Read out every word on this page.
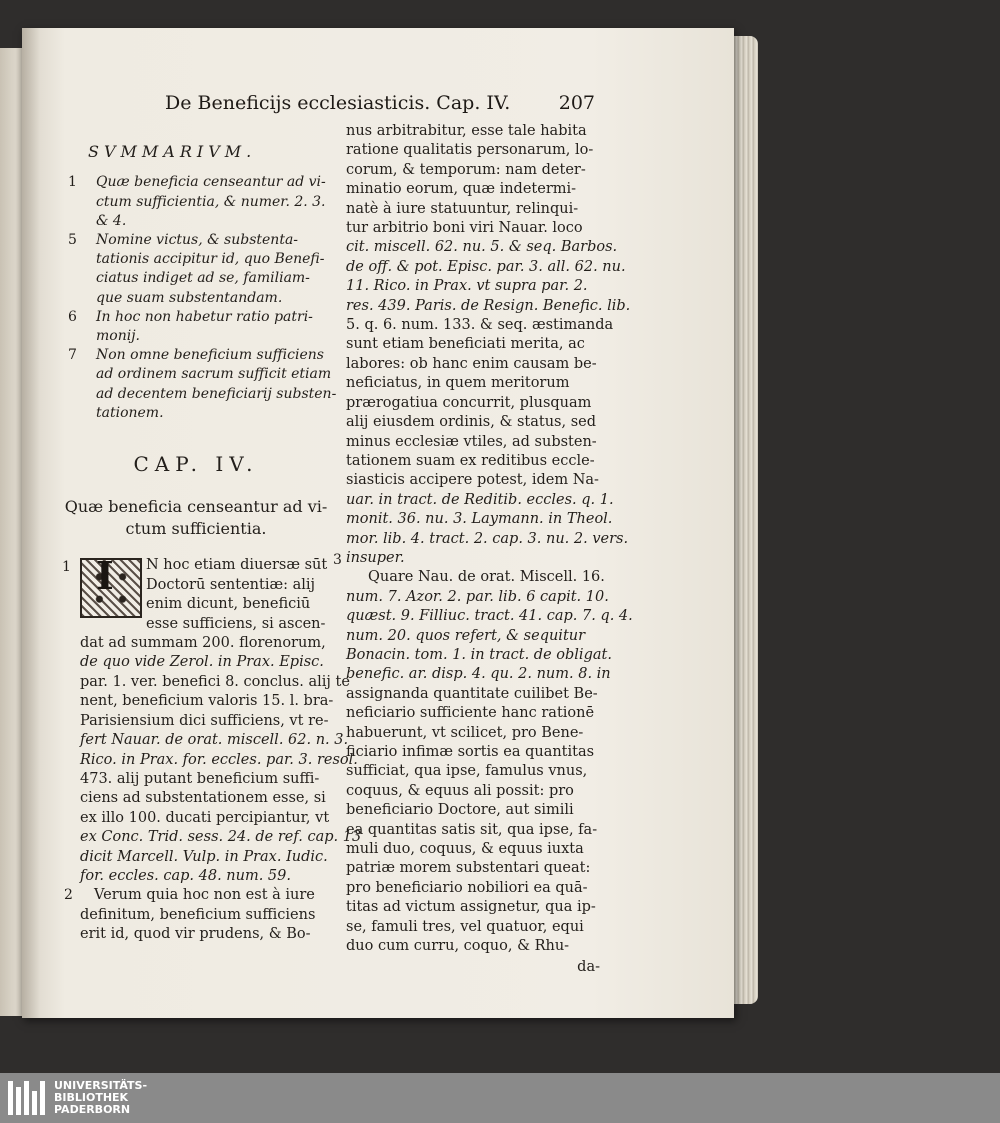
De Beneficijs ecclesiasticis. Cap. IV.	207
SVMMARIVM.
1 Quæ beneficia censeantur ad vi-
ctum sufficientia, & numer. 2. 3.
& 4.
5 Nomine victus, & substenta-
tationis accipitur id, quo Benefi-
ciatus indiget ad se, familiam-
que suam substentandam.
6 In hoc non habetur ratio patri-
monij.
7 Non omne beneficium sufficiens
ad ordinem sacrum sufficit etiam
ad decentem beneficiarij substen-
tationem.
CAP. IV.
Quæ beneficia censeantur ad vi-
ctum sufficientia.
1 I N hoc etiam diuersæ sūt
Doctorū sententiæ: alij
enim dicunt, beneficiū
esse sufficiens, si ascen-
dat ad summam 200. florenorum,
de quo vide Zerol. in Prax. Episc.
par. 1. ver. benefici 8. conclus. alij te
nent, beneficium valoris 15. l. bra-
Parisiensium dici sufficiens, vt re-
fert Nauar. de orat. miscell. 62. n. 3.
Rico. in Prax. for. eccles. par. 3. resol.
473. alij putant beneficium suffi-
ciens ad substentationem esse, si
ex illo 100. ducati percipiantur, vt
ex Conc. Trid. sess. 24. de ref. cap. 13
dicit Marcell. Vulp. in Prax. Iudic.
for. eccles. cap. 48. num. 59.
2	Verum quia hoc non est à iure
definitum, beneficium sufficiens
erit id, quod vir prudens, & Bo-
3
nus arbitrabitur, esse tale habita
ratione qualitatis personarum, lo-
corum, & temporum: nam deter-
minatio eorum, quæ indetermi-
natè à iure statuuntur, relinqui-
tur arbitrio boni viri Nauar. loco
cit. miscell. 62. nu. 5. & seq. Barbos.
de off. & pot. Episc. par. 3. all. 62. nu.
11. Rico. in Prax. vt supra par. 2.
res. 439. Paris. de Resign. Benefic. lib.
5. q. 6. num. 133. & seq. æstimanda
sunt etiam beneficiati merita, ac
labores: ob hanc enim causam be-
neficiatus, in quem meritorum
prærogatiua concurrit, plusquam
alij eiusdem ordinis, & status, sed
minus ecclesiæ vtiles, ad substen-
tationem suam ex reditibus eccle-
siasticis accipere potest, idem Na-
uar. in tract. de Reditib. eccles. q. 1.
monit. 36. nu. 3. Laymann. in Theol.
mor. lib. 4. tract. 2. cap. 3. nu. 2. vers.
insuper.
Quare Nau. de orat. Miscell. 16.
num. 7. Azor. 2. par. lib. 6 capit. 10.
quæst. 9. Filliuc. tract. 41. cap. 7. q. 4.
num. 20. quos refert, & sequitur
Bonacin. tom. 1. in tract. de obligat.
benefic. ar. disp. 4. qu. 2. num. 8. in
assignanda quantitate cuilibet Be-
neficiario sufficiente hanc rationē
habuerunt, vt scilicet, pro Bene-
ficiario infimæ sortis ea quantitas
sufficiat, qua ipse, famulus vnus,
coquus, & equus ali possit: pro
beneficiario Doctore, aut simili
ea quantitas satis sit, qua ipse, fa-
muli duo, coquus, & equus iuxta
patriæ morem substentari queat:
pro beneficiario nobiliori ea quā-
titas ad victum assignetur, qua ip-
se, famuli tres, vel quatuor, equi
duo cum curru, coquo, & Rhu-
da-
UNIVERSITÄTS-
BIBLIOTHEK
PADERBORN
